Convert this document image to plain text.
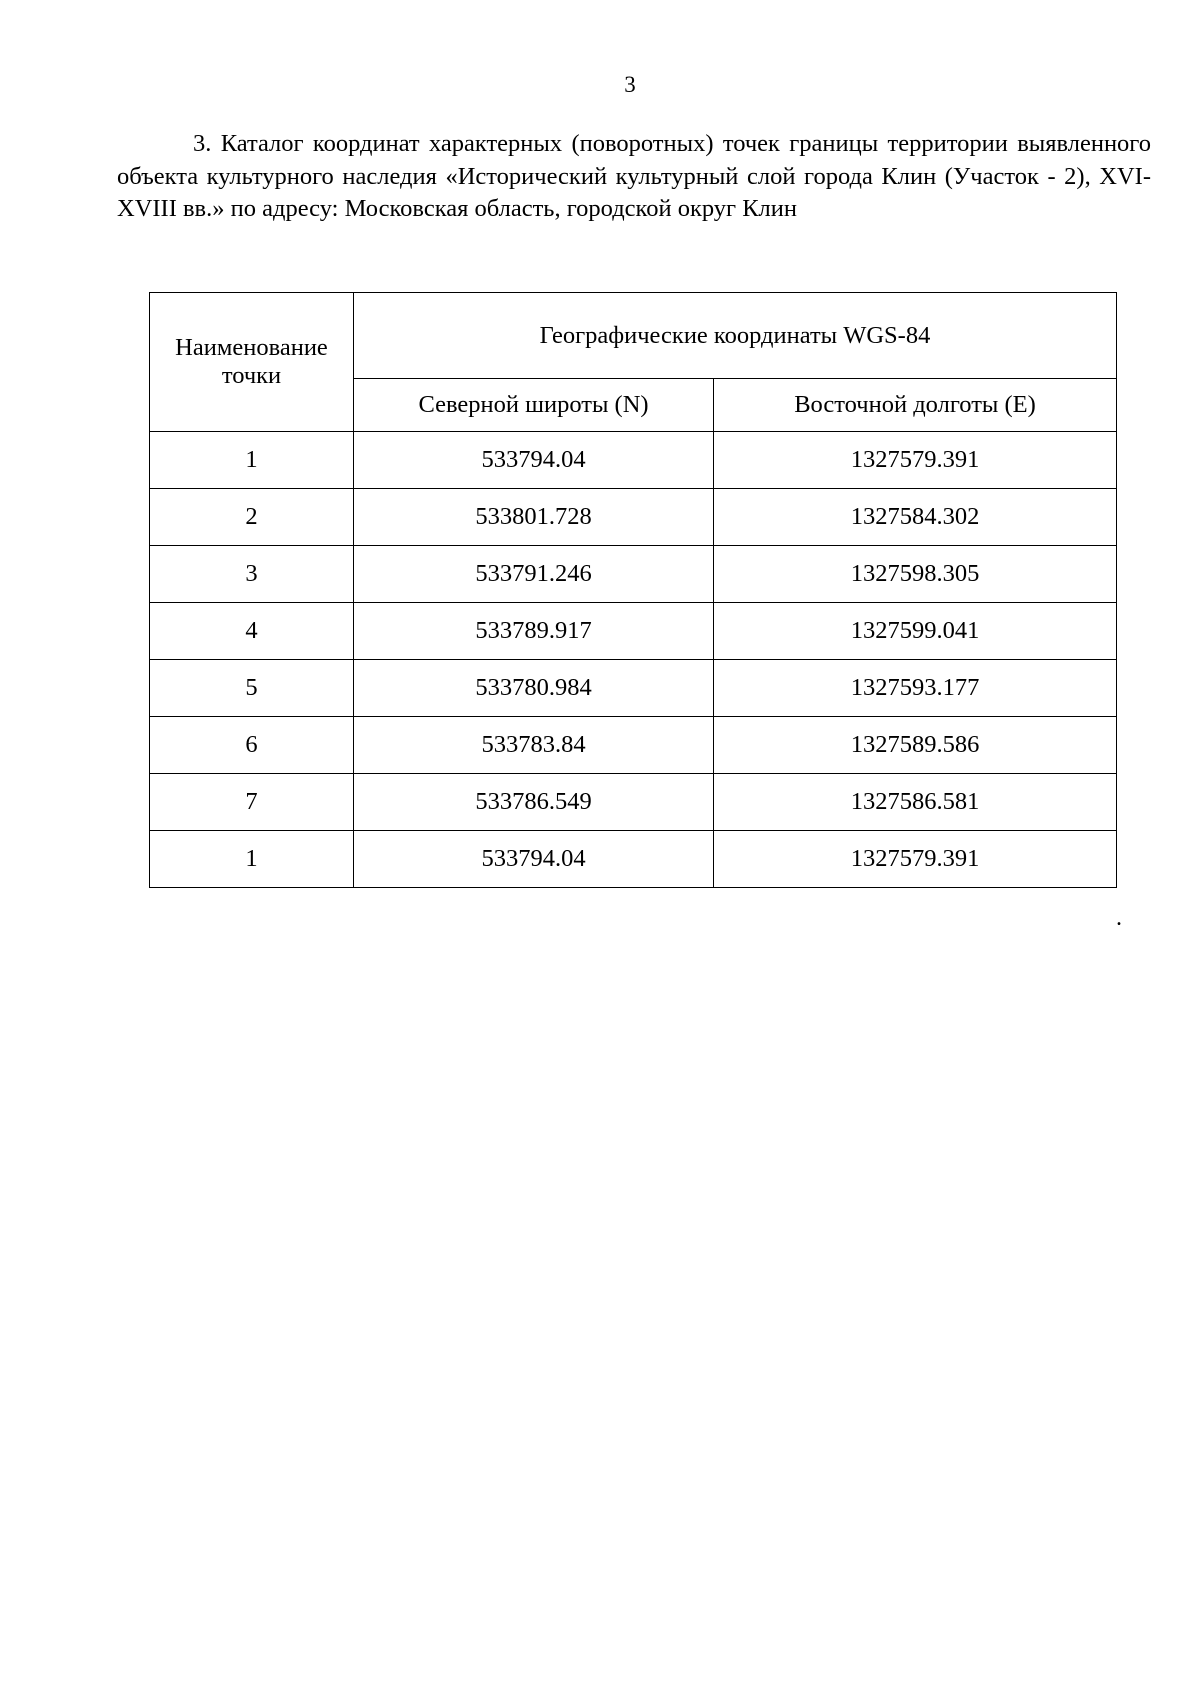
3
3. Каталог координат характерных (поворотных) точек границы территории выявленного объекта культурного наследия «Исторический культурный слой города Клин (Участок - 2), XVI-XVIII вв.» по адресу: Московская область, городской округ Клин
Наименование точки	Географические координаты WGS-84	
	Северной широты (N)	Восточной долготы (E)
1	533794.04	1327579.391
2	533801.728	1327584.302
3	533791.246	1327598.305
4	533789.917	1327599.041
5	533780.984	1327593.177
6	533783.84	1327589.586
7	533786.549	1327586.581
1	533794.04	1327579.391
.
